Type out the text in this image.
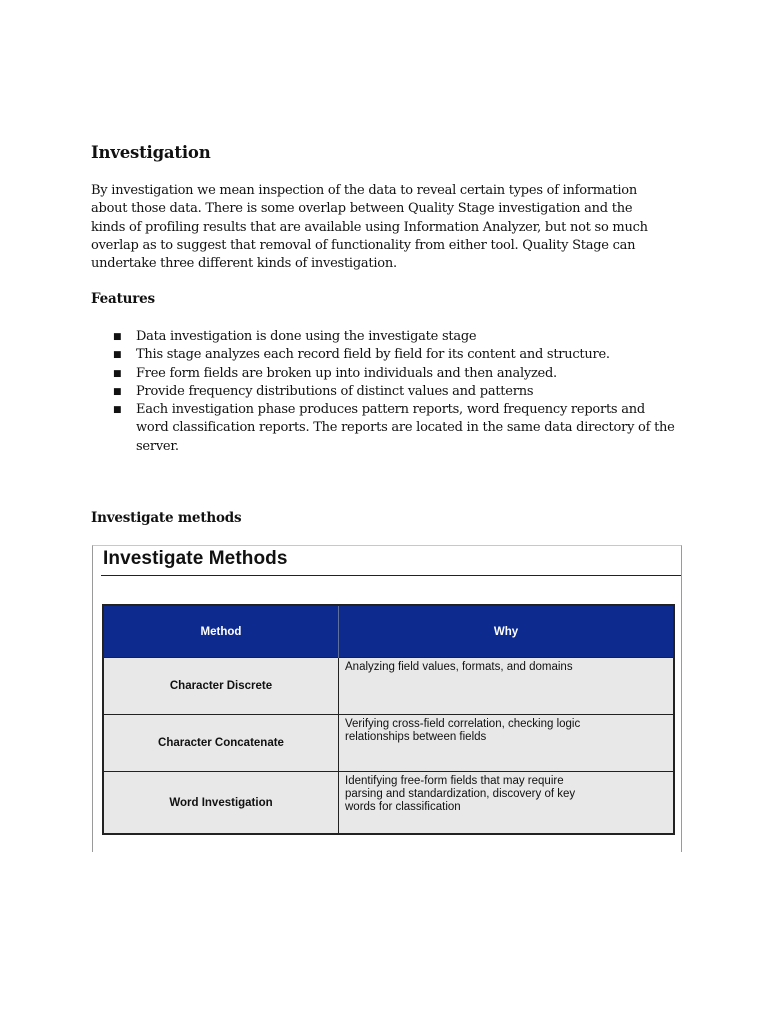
Investigation

By investigation we mean inspection of the data to reveal certain types of information
about those data. There is some overlap between Quality Stage investigation and the
kinds of profiling results that are available using Information Analyzer, but not so much
overlap as to suggest that removal of functionality from either tool. Quality Stage can
undertake three different kinds of investigation.

Features
■ Data investigation is done using the investigate stage
■ This stage analyzes each record field by field for its content and structure.
■ Free form fields are broken up into individuals and then analyzed.
■ Provide frequency distributions of distinct values and patterns
■ Each investigation phase produces pattern reports, word frequency reports and
word classification reports. The reports are located in the same data directory of the
server.
Investigate methods
Investigate Methods
Method	Why
Character Discrete	Analyzing field values, formats, and domains

Character Concatenate	Verifying cross-field correlation, checking logic
relationships between fields

Word Investigation	Identifying free-form fields that may require
parsing and standardization, discovery of key
words for classification
